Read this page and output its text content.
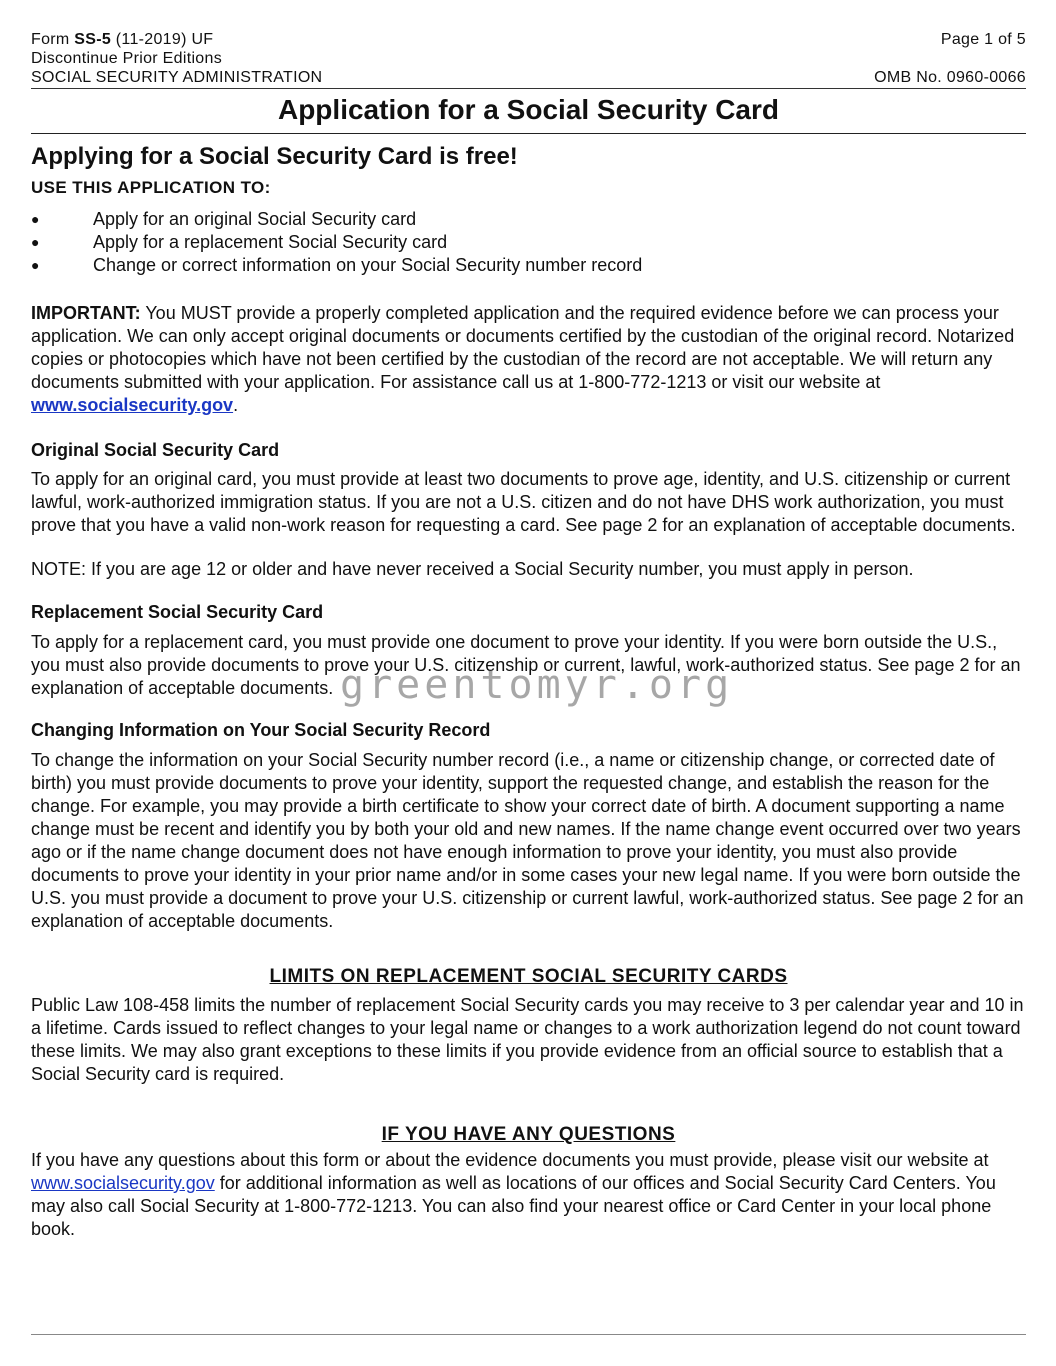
Form SS-5 (11-2019) UF	Page 1 of 5
Discontinue Prior Editions
SOCIAL SECURITY ADMINISTRATION	OMB No. 0960-0066
Application for a Social Security Card
Applying for a Social Security Card is free!
USE THIS APPLICATION TO:
●	Apply for an original Social Security card
●	Apply for a replacement Social Security card
●	Change or correct information on your Social Security number record

IMPORTANT: You MUST provide a properly completed application and the required evidence before we can process your application. We can only accept original documents or documents certified by the custodian of the original record. Notarized copies or photocopies which have not been certified by the custodian of the record are not acceptable. We will return any documents submitted with your application. For assistance call us at 1-800-772-1213 or visit our website at www.socialsecurity.gov.

Original Social Security Card

To apply for an original card, you must provide at least two documents to prove age, identity, and U.S. citizenship or current lawful, work-authorized immigration status. If you are not a U.S. citizen and do not have DHS work authorization, you must prove that you have a valid non-work reason for requesting a card. See page 2 for an explanation of acceptable documents.

NOTE: If you are age 12 or older and have never received a Social Security number, you must apply in person.

Replacement Social Security Card

To apply for a replacement card, you must provide one document to prove your identity. If you were born outside the U.S., you must also provide documents to prove your U.S. citizenship or current, lawful, work-authorized status. See page 2 for an explanation of acceptable documents.

Changing Information on Your Social Security Record

To change the information on your Social Security number record (i.e., a name or citizenship change, or corrected date of birth) you must provide documents to prove your identity, support the requested change, and establish the reason for the change. For example, you may provide a birth certificate to show your correct date of birth. A document supporting a name change must be recent and identify you by both your old and new names. If the name change event occurred over two years ago or if the name change document does not have enough information to prove your identity, you must also provide documents to prove your identity in your prior name and/or in some cases your new legal name. If you were born outside the U.S. you must provide a document to prove your U.S. citizenship or current lawful, work-authorized status. See page 2 for an explanation of acceptable documents.

LIMITS ON REPLACEMENT SOCIAL SECURITY CARDS

Public Law 108-458 limits the number of replacement Social Security cards you may receive to 3 per calendar year and 10 in a lifetime. Cards issued to reflect changes to your legal name or changes to a work authorization legend do not count toward these limits. We may also grant exceptions to these limits if you provide evidence from an official source to establish that a Social Security card is required.

IF YOU HAVE ANY QUESTIONS

If you have any questions about this form or about the evidence documents you must provide, please visit our website at www.socialsecurity.gov for additional information as well as locations of our offices and Social Security Card Centers. You may also call Social Security at 1-800-772-1213. You can also find your nearest office or Card Center in your local phone book.

greentomyr.org
